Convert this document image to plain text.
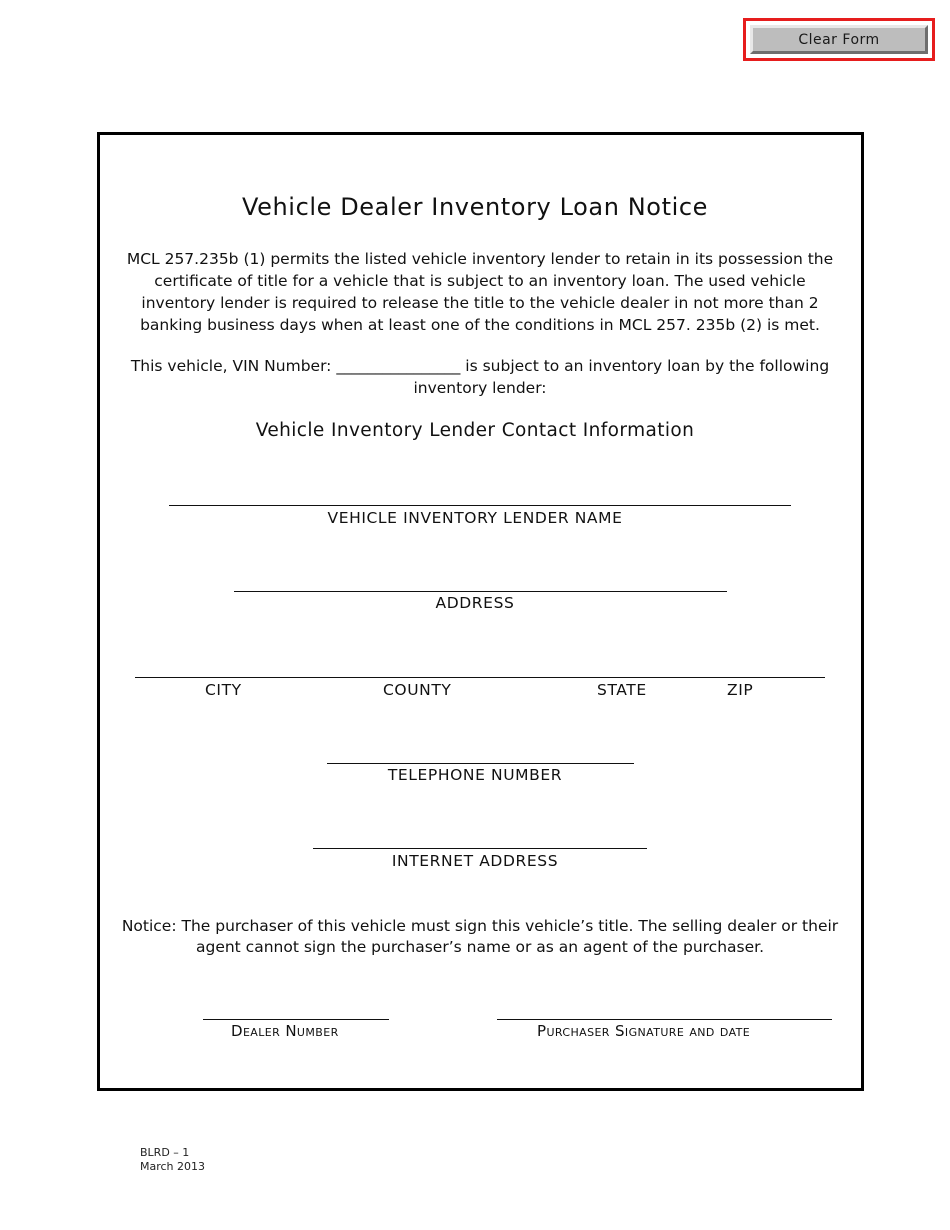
Clear Form
Vehicle Dealer Inventory Loan Notice
MCL 257.235b (1) permits the listed vehicle inventory lender to retain in its possession the certificate of title for a vehicle that is subject to an inventory loan. The used vehicle inventory lender is required to release the title to the vehicle dealer in not more than 2 banking business days when at least one of the conditions in MCL 257. 235b (2) is met.
This vehicle, VIN Number: ________________ is subject to an inventory loan by the following inventory lender:
Vehicle Inventory Lender Contact Information
VEHICLE INVENTORY LENDER NAME
ADDRESS
CITY	COUNTY	STATE	ZIP
TELEPHONE NUMBER
INTERNET ADDRESS
Notice: The purchaser of this vehicle must sign this vehicle’s title. The selling dealer or their agent cannot sign the purchaser’s name or as an agent of the purchaser.
Dealer Number	Purchaser Signature and date
BLRD – 1
March 2013
